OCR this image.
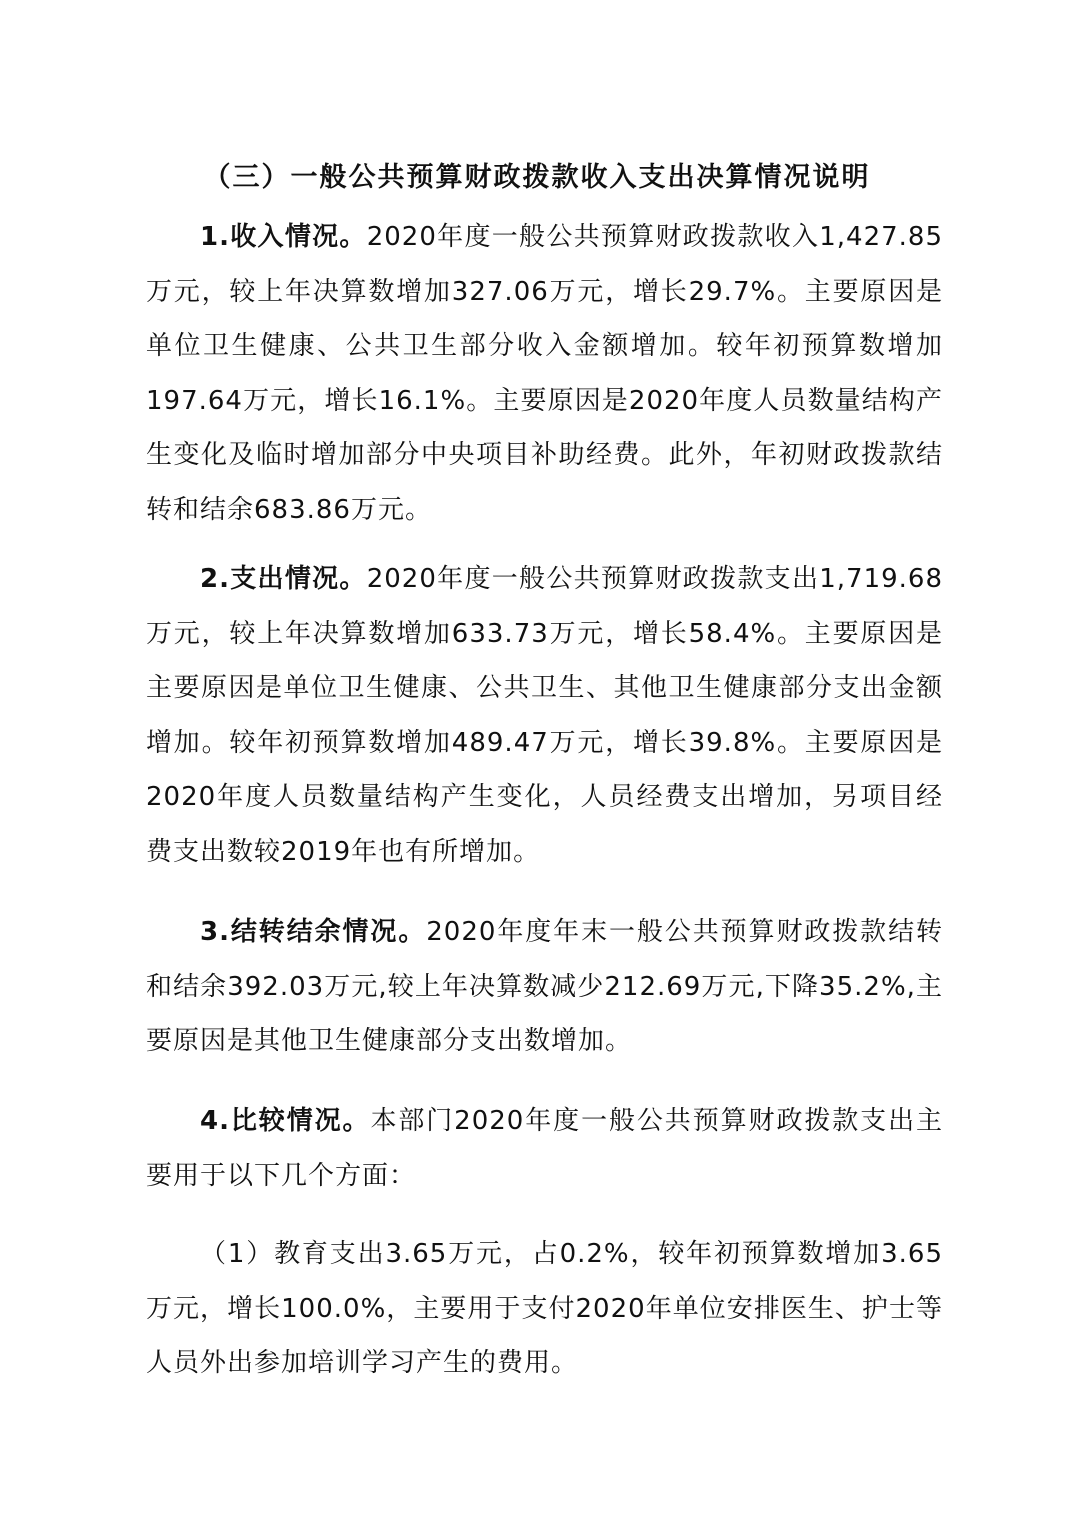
（三）一般公共预算财政拨款收入支出决算情况说明

1.收入情况。2020年度一般公共预算财政拨款收入1,427.85万元，较上年决算数增加327.06万元，增长29.7%。主要原因是单位卫生健康、公共卫生部分收入金额增加。较年初预算数增加197.64万元，增长16.1%。主要原因是2020年度人员数量结构产生变化及临时增加部分中央项目补助经费。此外，年初财政拨款结转和结余683.86万元。

2.支出情况。2020年度一般公共预算财政拨款支出1,719.68万元，较上年决算数增加633.73万元，增长58.4%。主要原因是主要原因是单位卫生健康、公共卫生、其他卫生健康部分支出金额增加。较年初预算数增加489.47万元，增长39.8%。主要原因是2020年度人员数量结构产生变化，人员经费支出增加，另项目经费支出数较2019年也有所增加。

3.结转结余情况。2020年度年末一般公共预算财政拨款结转和结余392.03万元,较上年决算数减少212.69万元,下降35.2%,主要原因是其他卫生健康部分支出数增加。

4.比较情况。本部门2020年度一般公共预算财政拨款支出主要用于以下几个方面：

（1）教育支出3.65万元，占0.2%，较年初预算数增加3.65万元，增长100.0%，主要用于支付2020年单位安排医生、护士等人员外出参加培训学习产生的费用。
